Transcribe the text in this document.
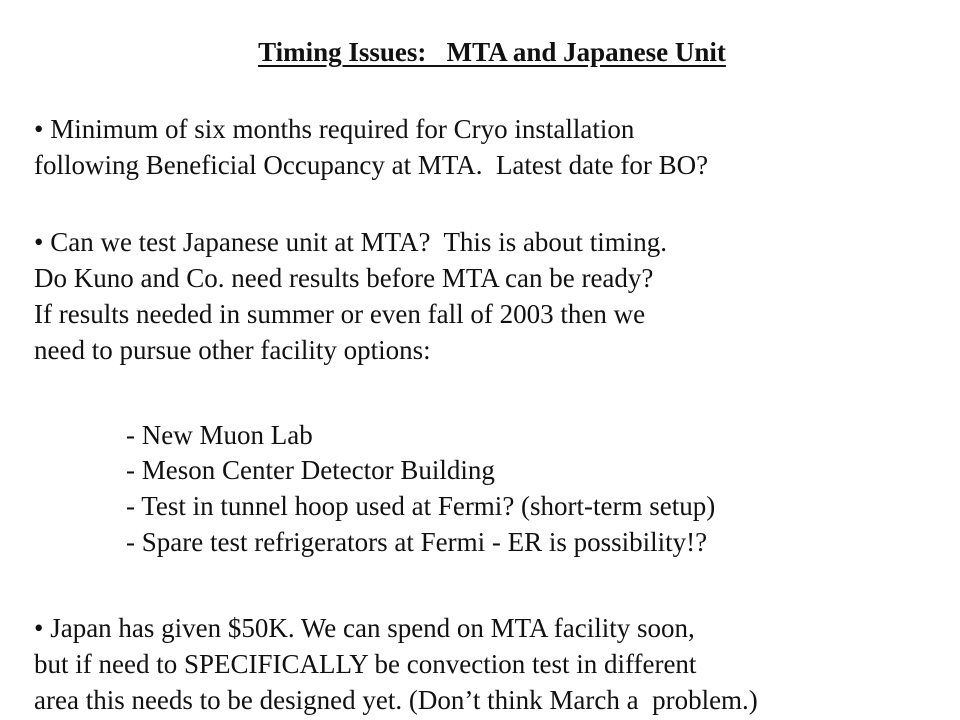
Timing Issues:   MTA and Japanese Unit
• Minimum of six months required for Cryo installation
following Beneficial Occupancy at MTA.  Latest date for BO?
• Can we test Japanese unit at MTA?  This is about timing.
Do Kuno and Co. need results before MTA can be ready?
If results needed in summer or even fall of 2003 then we
need to pursue other facility options:
- New Muon Lab
- Meson Center Detector Building
- Test in tunnel hoop used at Fermi? (short-term setup)
- Spare test refrigerators at Fermi - ER is possibility!?
• Japan has given $50K. We can spend on MTA facility soon,
but if need to SPECIFICALLY be convection test in different
area this needs to be designed yet. (Don’t think March a  problem.)
